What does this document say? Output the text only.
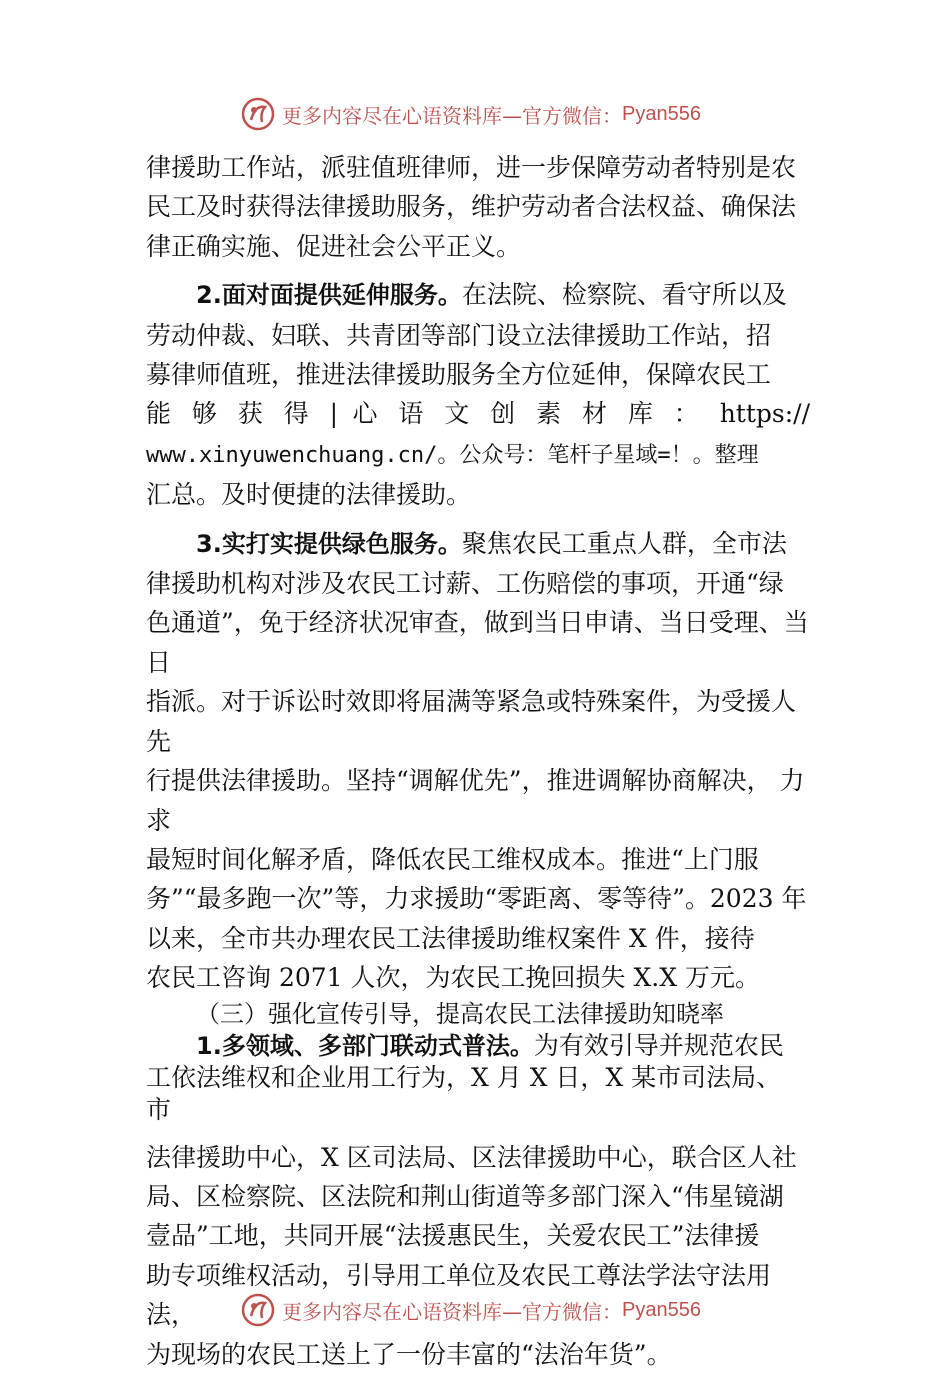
更多内容尽在心语资料库—官方微信： Pyan556

律援助工作站，派驻值班律师，进一步保障劳动者特别是农

民工及时获得法律援助服务，维护劳动者合法权益、确保法

律正确实施、促进社会公平正义。

2.面对面提供延伸服务。在法院、检察院、看守所以及

劳动仲裁、妇联、共青团等部门设立法律援助工作站，招

募律师值班，推进法律援助服务全方位延伸，保障农民工

能 够 获 得 | 心 语 文 创 素 材 库 ： https://

www.xinyuwenchuang.cn/。公众号：笔杆子星域=！。整理

汇总。及时便捷的法律援助。

3.实打实提供绿色服务。聚焦农民工重点人群，全市法

律援助机构对涉及农民工讨薪、工伤赔偿的事项，开通“绿

色通道”，免于经济状况审查，做到当日申请、当日受理、当日

指派。对于诉讼时效即将届满等紧急或特殊案件，为受援人先

行提供法律援助。坚持“调解优先”，推进调解协商解决， 力求

最短时间化解矛盾，降低农民工维权成本。推进“上门服

务”“最多跑一次”等，力求援助“零距离、零等待”。2023 年

以来，全市共办理农民工法律援助维权案件 X 件，接待

农民工咨询 2071 人次，为农民工挽回损失 X.X 万元。

（三）强化宣传引导，提高农民工法律援助知晓率

1.多领域、多部门联动式普法。为有效引导并规范农民

工依法维权和企业用工行为，X 月 X 日，X 某市司法局、

市

法律援助中心，X 区司法局、区法律援助中心，联合区人社

局、区检察院、区法院和荆山街道等多部门深入“伟星镜湖

壹品”工地，共同开展“法援惠民生，关爱农民工”法律援

助专项维权活动，引导用工单位及农民工尊法学法守法用法，

为现场的农民工送上了一份丰富的“法治年货”。

更多内容尽在心语资料库—官方微信： Pyan556
